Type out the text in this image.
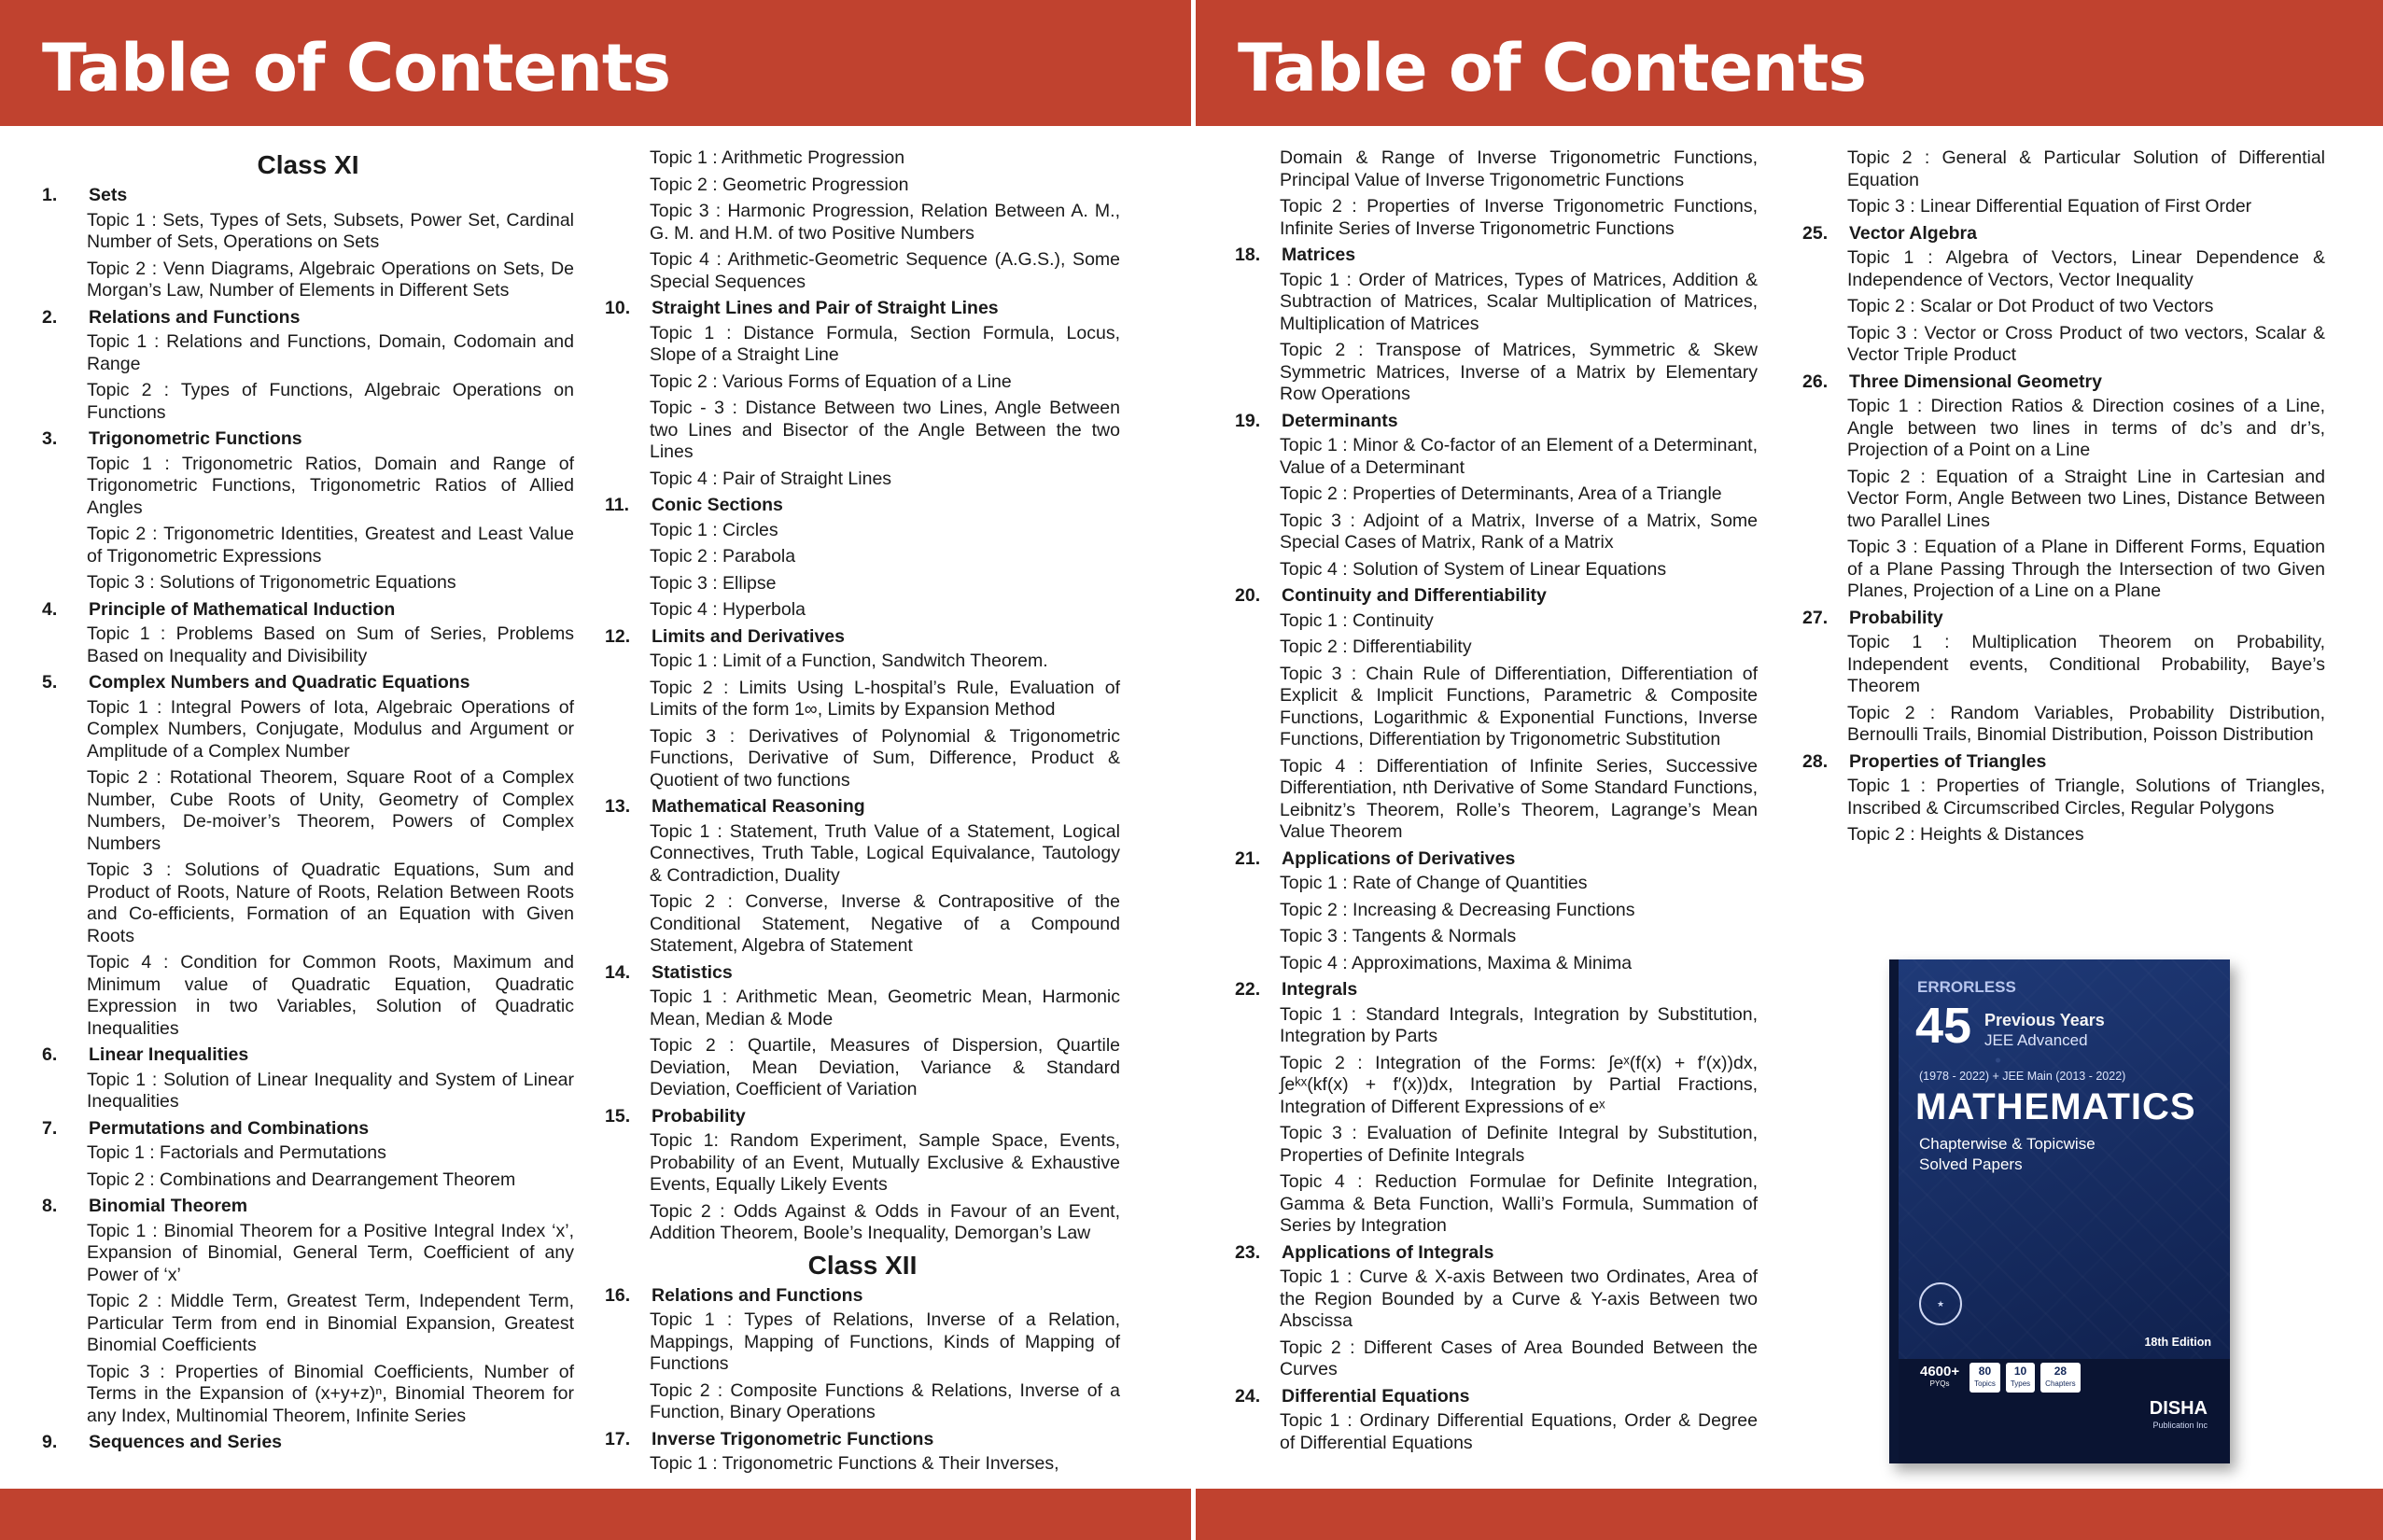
Table of Contents
Class XI
1.	Sets
Topic 1 : Sets, Types of Sets, Subsets, Power Set, Cardinal Number of Sets, Operations on Sets
Topic 2 : Venn Diagrams, Algebraic Operations on Sets, De Morgan’s Law, Number of Elements in Different Sets
2.	Relations and Functions
Topic 1 : Relations and Functions, Domain, Codomain and Range
Topic 2 : Types of Functions, Algebraic Operations on Functions
3.	Trigonometric Functions
Topic 1 : Trigonometric Ratios, Domain and Range of Trigonometric Functions, Trigonometric Ratios of Allied Angles
Topic 2 : Trigonometric Identities, Greatest and Least Value of Trigonometric Expressions
Topic 3 : Solutions of Trigonometric Equations
4.	Principle of Mathematical Induction
Topic 1 : Problems Based on Sum of Series, Problems Based on Inequality and Divisibility
5.	Complex Numbers and Quadratic Equations
Topic 1 : Integral Powers of Iota, Algebraic Operations of Complex Numbers, Conjugate, Modulus and Argument or Amplitude of a Complex Number
Topic 2 : Rotational Theorem, Square Root of a Complex Number, Cube Roots of Unity, Geometry of Complex Numbers, De-moiver’s Theorem, Powers of Complex Numbers
Topic 3 : Solutions of Quadratic Equations, Sum and Product of Roots, Nature of Roots, Relation Between Roots and Co-efficients, Formation of an Equation with Given Roots
Topic 4 : Condition for Common Roots, Maximum and Minimum value of Quadratic Equation, Quadratic Expression in two Variables, Solution of Quadratic Inequalities
6.	Linear Inequalities
Topic 1 : Solution of Linear Inequality and System of Linear Inequalities
7.	Permutations and Combinations
Topic 1 : Factorials and Permutations
Topic 2 : Combinations and Dearrangement Theorem
8.	Binomial Theorem
Topic 1 : Binomial Theorem for a Positive Integral Index ‘x’, Expansion of Binomial, General Term, Coefficient of any Power of ‘x’
Topic 2 : Middle Term, Greatest Term, Independent Term, Particular Term from end in Binomial Expansion, Greatest Binomial Coefficients
Topic 3 : Properties of Binomial Coefficients, Number of Terms in the Expansion of (x+y+z)ⁿ, Binomial Theorem for any Index, Multinomial Theorem, Infinite Series
9.	Sequences and Series
Topic 1 : Arithmetic Progression
Topic 2 : Geometric Progression
Topic 3 : Harmonic Progression, Relation Between A. M., G. M. and H.M. of two Positive Numbers
Topic 4 : Arithmetic-Geometric Sequence (A.G.S.), Some Special Sequences
10.	Straight Lines and Pair of Straight Lines
Topic 1 : Distance Formula, Section Formula, Locus, Slope of a Straight Line
Topic 2 : Various Forms of Equation of a Line
Topic - 3 : Distance Between two Lines, Angle Between two Lines and Bisector of the Angle Between the two Lines
Topic 4 : Pair of Straight Lines
11.	Conic Sections
Topic 1 : Circles
Topic 2 : Parabola
Topic 3 : Ellipse
Topic 4 : Hyperbola
12.	Limits and Derivatives
Topic 1 : Limit of a Function, Sandwitch Theorem.
Topic 2 : Limits Using L-hospital’s Rule, Evaluation of Limits of the form 1∞, Limits by Expansion Method
Topic 3 : Derivatives of Polynomial & Trigonometric Functions, Derivative of Sum, Difference, Product & Quotient of two functions
13.	Mathematical Reasoning
Topic 1 : Statement, Truth Value of a Statement, Logical Connectives, Truth Table, Logical Equivalance, Tautology & Contradiction, Duality
Topic 2 : Converse, Inverse & Contrapositive of the Conditional Statement, Negative of a Compound Statement, Algebra of Statement
14.	Statistics
Topic 1 : Arithmetic Mean, Geometric Mean, Harmonic Mean, Median & Mode
Topic 2 : Quartile, Measures of Dispersion, Quartile Deviation, Mean Deviation, Variance & Standard Deviation, Coefficient of Variation
15.	Probability
Topic 1: Random Experiment, Sample Space, Events, Probability of an Event, Mutually Exclusive & Exhaustive Events, Equally Likely Events
Topic 2 : Odds Against & Odds in Favour of an Event, Addition Theorem, Boole’s Inequality, Demorgan’s Law
Class XII
16.	Relations and Functions
Topic 1 : Types of Relations, Inverse of a Relation, Mappings, Mapping of Functions, Kinds of Mapping of Functions
Topic 2 : Composite Functions & Relations, Inverse of a Function, Binary Operations
17.	Inverse Trigonometric Functions
Topic 1 : Trigonometric Functions & Their Inverses,
Table of Contents
Domain & Range of Inverse Trigonometric Functions, Principal Value of Inverse Trigonometric Functions
Topic 2 : Properties of Inverse Trigonometric Functions, Infinite Series of Inverse Trigonometric Functions
18.	Matrices
Topic 1 : Order of Matrices, Types of Matrices, Addition & Subtraction of Matrices, Scalar Multiplication of Matrices, Multiplication of Matrices
Topic 2 : Transpose of Matrices, Symmetric & Skew Symmetric Matrices, Inverse of a Matrix by Elementary Row Operations
19.	Determinants
Topic 1 : Minor & Co-factor of an Element of a Determinant, Value of a Determinant
Topic 2 : Properties of Determinants, Area of a Triangle
Topic 3 : Adjoint of a Matrix, Inverse of a Matrix, Some Special Cases of Matrix, Rank of a Matrix
Topic 4 : Solution of System of Linear Equations
20.	Continuity and Differentiability
Topic 1 : Continuity
Topic 2 : Differentiability
Topic 3 : Chain Rule of Differentiation, Differentiation of Explicit & Implicit Functions, Parametric & Composite Functions, Logarithmic & Exponential Functions, Inverse Functions, Differentiation by Trigonometric Substitution
Topic 4 : Differentiation of Infinite Series, Successive Differentiation, nth Derivative of Some Standard Functions, Leibnitz’s Theorem, Rolle’s Theorem, Lagrange’s Mean Value Theorem
21.	Applications of Derivatives
Topic 1 : Rate of Change of Quantities
Topic 2 : Increasing & Decreasing Functions
Topic 3 : Tangents & Normals
Topic 4 : Approximations, Maxima & Minima
22.	Integrals
Topic 1 : Standard Integrals, Integration by Substitution, Integration by Parts
Topic 2 : Integration of the Forms: ∫eˣ(f(x) + f′(x))dx, ∫eᵏˣ(kf(x) + f′(x))dx, Integration by Partial Fractions, Integration of Different Expressions of eˣ
Topic 3 : Evaluation of Definite Integral by Substitution, Properties of Definite Integrals
Topic 4 : Reduction Formulae for Definite Integration, Gamma & Beta Function, Walli’s Formula, Summation of Series by Integration
23.	Applications of Integrals
Topic 1 : Curve & X-axis Between two Ordinates, Area of the Region Bounded by a Curve & Y-axis Between two Abscissa
Topic 2 : Different Cases of Area Bounded Between the Curves
24.	Differential Equations
Topic 1 : Ordinary Differential Equations, Order & Degree of Differential Equations
Topic 2 : General & Particular Solution of Differential Equation
Topic 3 : Linear Differential Equation of First Order
25.	Vector Algebra
Topic 1 : Algebra of Vectors, Linear Dependence & Independence of Vectors, Vector Inequality
Topic 2 : Scalar or Dot Product of two Vectors
Topic 3 : Vector or Cross Product of two vectors, Scalar & Vector Triple Product
26.	Three Dimensional Geometry
Topic 1 : Direction Ratios & Direction cosines of a Line, Angle between two lines in terms of dc’s and dr’s, Projection of a Point on a Line
Topic 2 : Equation of a Straight Line in Cartesian and Vector Form, Angle Between two Lines, Distance Between two Parallel Lines
Topic 3 : Equation of a Plane in Different Forms, Equation of a Plane Passing Through the Intersection of two Given Planes, Projection of a Line on a Plane
27.	Probability
Topic 1 : Multiplication Theorem on Probability, Independent events, Conditional Probability, Baye’s Theorem
Topic 2 : Random Variables, Probability Distribution, Bernoulli Trails, Binomial Distribution, Poisson Distribution
28.	Properties of Triangles
Topic 1 : Properties of Triangle, Solutions of Triangles, Inscribed & Circumscribed Circles, Regular Polygons
Topic 2 : Heights & Distances
ERRORLESS
45 Previous Years
JEE Advanced
(1978 - 2022) + JEE Main (2013 - 2022)
MATHEMATICS
Chapterwise & Topicwise
Solved Papers
★
18th Edition
4600+
PYQs
80
Topics
10
Types
28
Chapters
DISHA
Publication Inc
